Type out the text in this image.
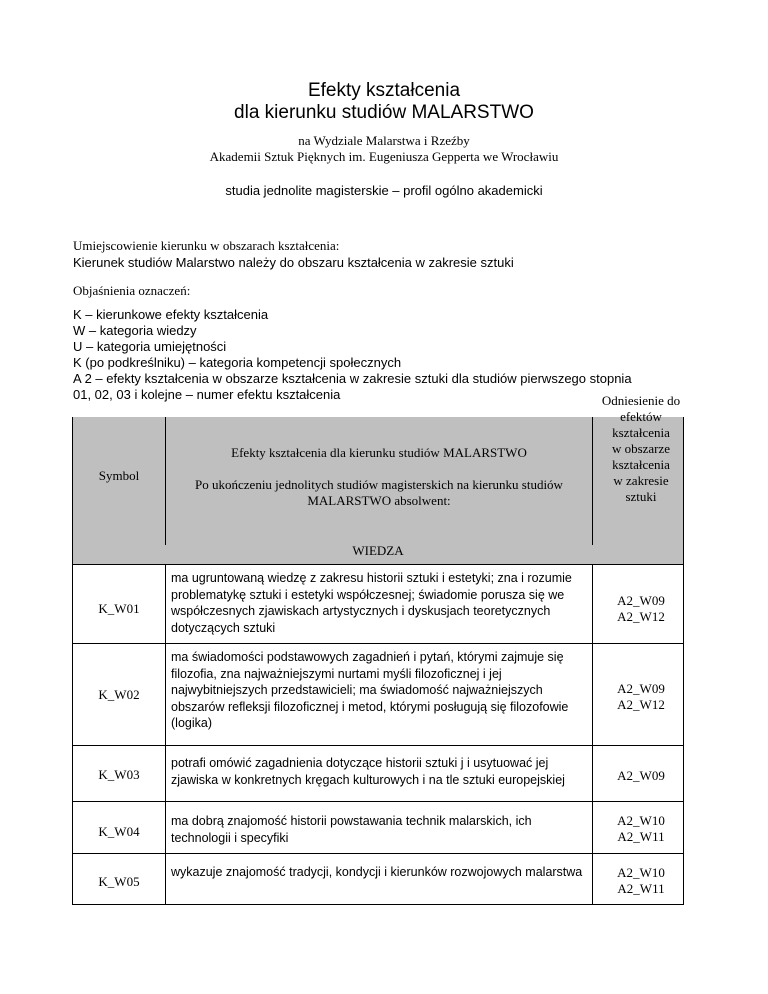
Efekty kształcenia
dla kierunku studiów MALARSTWO
na Wydziale Malarstwa i Rzeźby
Akademii Sztuk Pięknych im. Eugeniusza Gepperta we Wrocławiu
studia jednolite magisterskie – profil ogólno akademicki
Umiejscowienie kierunku w obszarach kształcenia:
Kierunek studiów Malarstwo należy do obszaru kształcenia w zakresie sztuki
Objaśnienia oznaczeń:
K – kierunkowe efekty kształcenia
W – kategoria wiedzy
U – kategoria umiejętności
K (po podkreślniku) – kategoria kompetencji społecznych
A 2 – efekty kształcenia w obszarze kształcenia w zakresie sztuki dla studiów pierwszego stopnia
01, 02, 03 i kolejne – numer efektu kształcenia
Symbol
Efekty kształcenia dla kierunku studiów MALARSTWO
Po ukończeniu jednolitych studiów magisterskich na kierunku studiów
MALARSTWO absolwent:
Odniesienie do
efektów
kształcenia
w obszarze
kształcenia
w zakresie
sztuki
WIEDZA
K_W01
ma ugruntowaną wiedzę z zakresu historii sztuki i estetyki; zna i rozumie problematykę sztuki i estetyki współczesnej; świadomie porusza się we współczesnych zjawiskach artystycznych i dyskusjach teoretycznych dotyczących sztuki
A2_W09
A2_W12
K_W02
ma świadomości podstawowych zagadnień i pytań, którymi zajmuje się filozofia, zna najważniejszymi nurtami myśli filozoficznej i jej najwybitniejszych przedstawicieli; ma świadomość najważniejszych obszarów refleksji filozoficznej i metod, którymi posługują się filozofowie (logika)
A2_W09
A2_W12
K_W03
potrafi omówić zagadnienia dotyczące historii sztuki j i usytuować jej zjawiska w konkretnych kręgach kulturowych i na tle sztuki europejskiej	A2_W09
K_W04
ma dobrą znajomość historii powstawania technik malarskich, ich technologii i specyfiki
A2_W10
A2_W11
K_W05
wykazuje znajomość tradycji, kondycji i kierunków rozwojowych malarstwa	A2_W10
A2_W11
